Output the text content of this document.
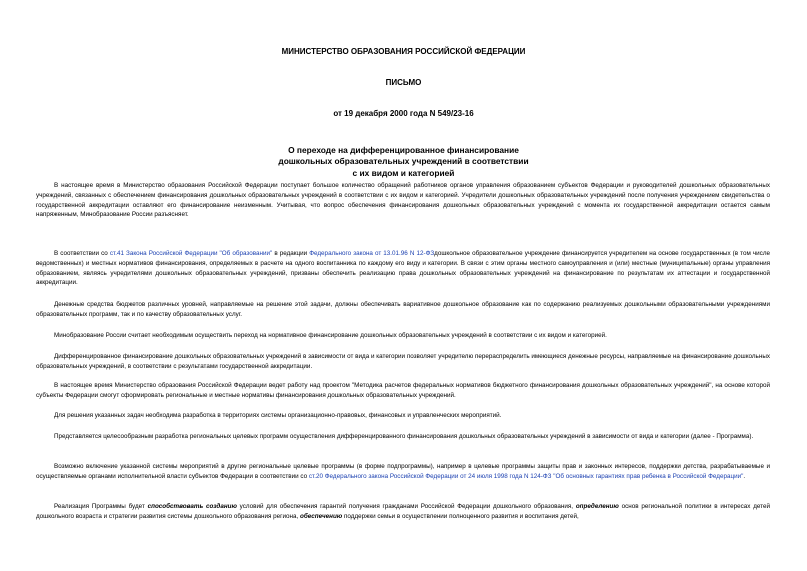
МИНИСТЕРСТВО ОБРАЗОВАНИЯ РОССИЙСКОЙ ФЕДЕРАЦИИ
ПИСЬМО
от 19 декабря 2000 года N 549/23-16
О переходе на дифференцированное финансирование
дошкольных образовательных учреждений в соответствии
с их видом и категорией

В настоящее время в Министерство образования Российской Федерации поступает большое количество обращений работников органов управления образованием субъектов Федерации и руководителей дошкольных образовательных учреждений, связанных с обеспечением финансирования дошкольных образовательных учреждений в соответствии с их видом и категорией. Учредители дошкольных образовательных учреждений после получения учреждением свидетельства о государственной аккредитации оставляют его финансирование неизменным. Учитывая, что вопрос обеспечения финансирования дошкольных образовательных учреждений с момента их государственной аккредитации остается самым напряженным, Минобразование России разъясняет.

В соответствии со ст.41 Закона Российской Федерации "Об образовании" в редакции Федерального закона от 13.01.96 N 12-ФЗдошкольное образовательное учреждение финансируется учредителем на основе государственных (в том числе ведомственных) и местных нормативов финансирования, определяемых в расчете на одного воспитанника по каждому его виду и категории. В связи с этим органы местного самоуправления и (или) местные (муниципальные) органы управления образованием, являясь учредителями дошкольных образовательных учреждений, призваны обеспечить реализацию права дошкольных образовательных учреждений на финансирование по результатам их аттестации и государственной аккредитации.

Денежные средства бюджетов различных уровней, направляемые на решение этой задачи, должны обеспечивать вариативное дошкольное образование как по содержанию реализуемых дошкольными образовательными учреждениями образовательных программ, так и по качеству образовательных услуг.

Минобразование России считает необходимым осуществить переход на нормативное финансирование дошкольных образовательных учреждений в соответствии с их видом и категорией.

Дифференцированное финансирование дошкольных образовательных учреждений в зависимости от вида и категории позволяет учредителю перераспределить имеющиеся денежные ресурсы, направляемые на финансирование дошкольных образовательных учреждений, в соответствии с результатами государственной аккредитации.

В настоящее время Министерство образования Российской Федерации ведет работу над проектом "Методика расчетов федеральных нормативов бюджетного финансирования дошкольных образовательных учреждений", на основе которой субъекты Федерации смогут сформировать региональные и местные нормативы финансирования дошкольных образовательных учреждений.

Для решения указанных задач необходима разработка в территориях системы организационно-правовых, финансовых и управленческих мероприятий.

Представляется целесообразным разработка региональных целевых программ осуществления дифференцированного финансирования дошкольных образовательных учреждений в зависимости от вида и категории (далее - Программа).

Возможно включение указанной системы мероприятий в другие региональные целевые программы (в форме подпрограммы), например в целевые программы защиты прав и законных интересов, поддержки детства, разрабатываемые и осуществляемые органами исполнительной власти субъектов Федерации в соответствии со ст.20 Федерального закона Российской Федерации от 24 июля 1998 года N 124-ФЗ "Об основных гарантиях прав ребенка в Российской Федерации".

Реализация Программы будет способствовать созданию условий для обеспечения гарантий получения гражданами Российской Федерации дошкольного образования, определению основ региональной политики в интересах детей дошкольного возраста и стратегии развития системы дошкольного образования региона, обеспечению поддержки семьи в осуществлении полноценного развития и воспитания детей,
